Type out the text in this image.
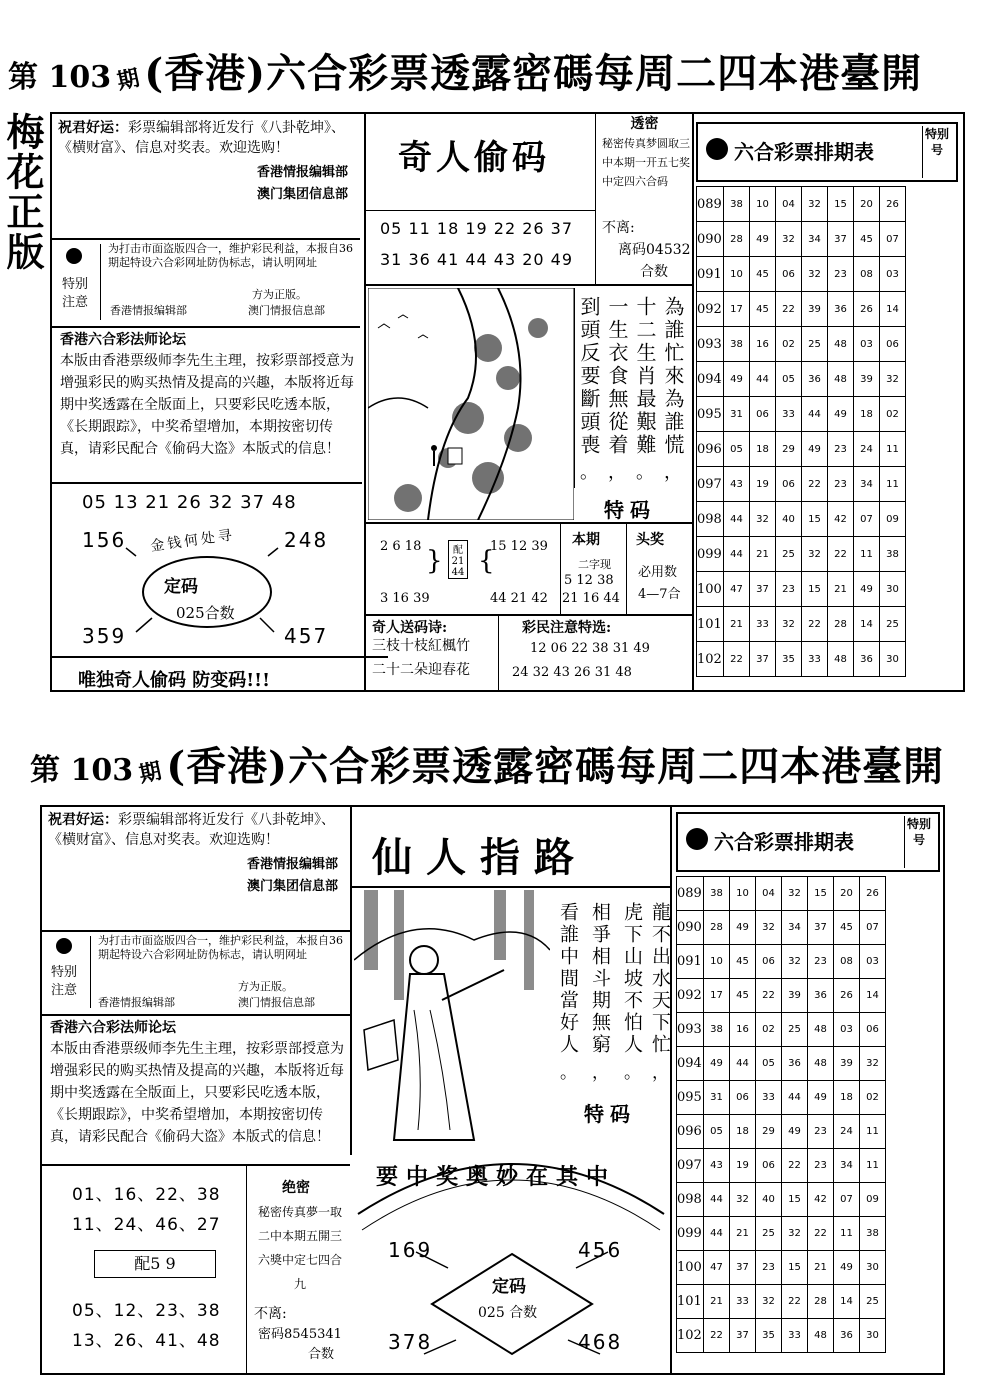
第 103 期 (香港)六合彩票透露密碼每周二四本港臺開
梅花正版 祝君好运：彩票编辑部将近发行《八卦乾坤》、《横财富》、信息对奖表。欢迎选购！
香港情报编辑部
澳门集团信息部
特别注意
为打击市面盗版四合一，维护彩民利益，本报自36期起特设六合彩网址防伪标志，请认明网址
方为正版。
香港情报编辑部	澳门情报信息部
香港六合彩法师论坛
本版由香港票级师李先生主理，按彩票部授意为增强彩民的购买热情及提高的兴趣，本版将近每期中奖透露在全版面上，只要彩民吃透本版，《长期跟踪》，中奖希望增加，本期按密切传真，请彩民配合《偷码大盗》本版式的信息！
05 13 21 26 32 37 48
156	248
359	457
金钱何处寻
定码
025合数
唯独奇人偷码 防变码!!!
奇人偷码
透密
秘密传真梦圆取三中本期一开五七奖中定四六合码
05 11 18 19 22 26 37
31 36 41 44 43 20 49
不离:
离码04532
合数
為誰忙來為誰慌
十二生肖最艱難
一生衣食無從着
到頭反要斷頭喪
，
。
，
。
特码
2 6 18
3 16 39
}	配
21 44 {
15 12 39
44 21 42
本期
二字现
5 12 38
21 16 44
头奖
必用数
4—7合
奇人送码诗:
三枝十枝紅楓竹
二十二朵迎春花
彩民注意特选:
12 06 22 38 31 49
24 32 43 26 31 48
六合彩票排期表
特别号
089	38	10	04	32	15	20	26
090	28	49	32	34	37	45	07
091	10	45	06	32	23	08	03
092	17	45	22	39	36	26	14
093	38	16	02	25	48	03	06
094	49	44	05	36	48	39	32
095	31	06	33	44	49	18	02
096	05	18	29	49	23	24	11
097	43	19	06	22	23	34	11
098	44	32	40	15	42	07	09
099	44	21	25	32	22	11	38
100	47	37	23	15	21	49	30
101	21	33	32	22	28	14	25
102	22	37	35	33	48	36	30
第 103 期 (香港)六合彩票透露密碼每周二四本港臺開
祝君好运：彩票编辑部将近发行《八卦乾坤》、《横财富》、信息对奖表。欢迎选购！
香港情报编辑部
澳门集团信息部
特别注意
为打击市面盗版四合一，维护彩民利益，本报自36期起特设六合彩网址防伪标志，请认明网址
方为正版。
香港情报编辑部	澳门情报信息部
香港六合彩法师论坛
本版由香港票级师李先生主理，按彩票部授意为增强彩民的购买热情及提高的兴趣，本版将近每期中奖透露在全版面上，只要彩民吃透本版，《长期跟踪》，中奖希望增加，本期按密切传真，请彩民配合《偷码大盗》本版式的信息！
01、16、22、38
11、24、46、27
配5 9
05、12、23、38
13、26、41、48
绝密
秘密传真夢一取二中本期五開三六獎中定七四合九
不离:
密码8545341
合数
仙人指路
龍不出水天下忙
虎下山坡不怕人
相爭相斗期無窮
看誰中間當好人
，
。
，
。
特码
要中奖奥妙在其中
169	456
378	468
定码
025 合数
六合彩票排期表
特别号
089	38	10	04	32	15	20	26
090	28	49	32	34	37	45	07
091	10	45	06	32	23	08	03
092	17	45	22	39	36	26	14
093	38	16	02	25	48	03	06
094	49	44	05	36	48	39	32
095	31	06	33	44	49	18	02
096	05	18	29	49	23	24	11
097	43	19	06	22	23	34	11
098	44	32	40	15	42	07	09
099	44	21	25	32	22	11	38
100	47	37	23	15	21	49	30
101	21	33	32	22	28	14	25
102	22	37	35	33	48	36	30
